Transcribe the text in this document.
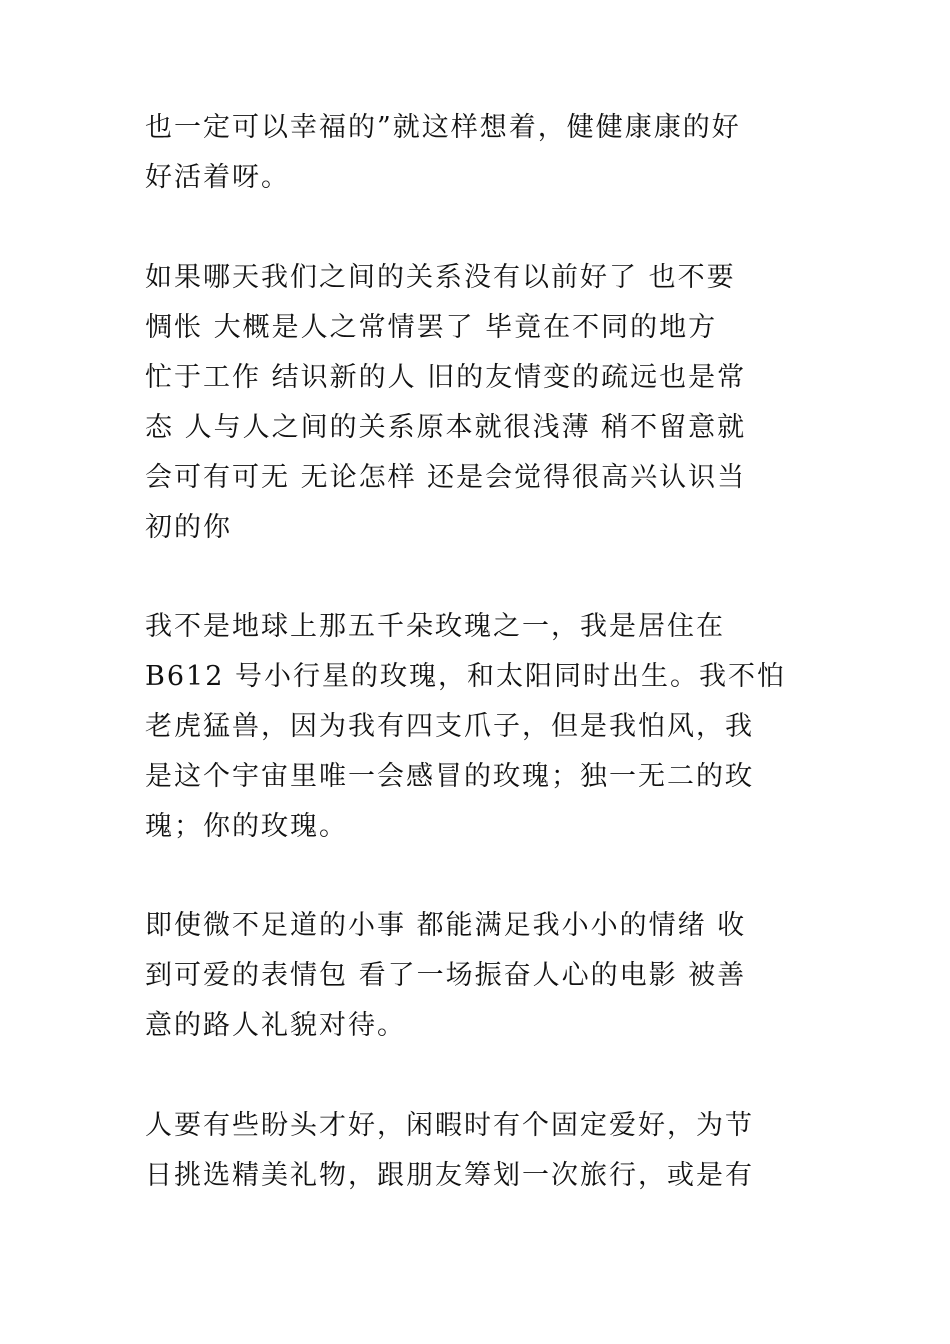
也一定可以幸福的”就这样想着，健健康康的好
好活着呀。
如果哪天我们之间的关系没有以前好了 也不要
惆怅 大概是人之常情罢了 毕竟在不同的地方
忙于工作 结识新的人 旧的友情变的疏远也是常
态 人与人之间的关系原本就很浅薄 稍不留意就
会可有可无 无论怎样 还是会觉得很高兴认识当
初的你
我不是地球上那五千朵玫瑰之一，我是居住在
B612 号小行星的玫瑰，和太阳同时出生。我不怕
老虎猛兽，因为我有四支爪子，但是我怕风，我
是这个宇宙里唯一会感冒的玫瑰；独一无二的玫
瑰；你的玫瑰。
即使微不足道的小事 都能满足我小小的情绪 收
到可爱的表情包 看了一场振奋人心的电影 被善
意的路人礼貌对待。
人要有些盼头才好，闲暇时有个固定爱好，为节
日挑选精美礼物，跟朋友筹划一次旅行，或是有
